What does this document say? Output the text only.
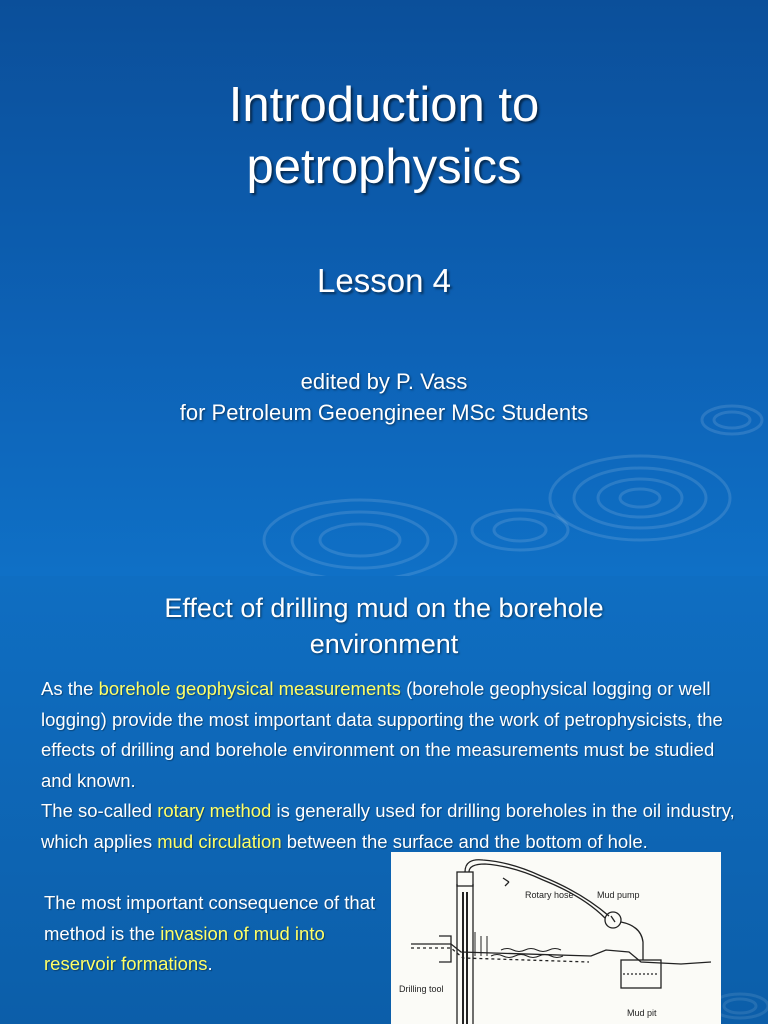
Introduction to
petrophysics
Lesson 4
edited by P. Vass
for Petroleum Geoengineer MSc Students
Effect of drilling mud on the borehole
environment
As the borehole geophysical measurements (borehole geophysical logging or well logging) provide the most important data supporting the work of petrophysicists, the effects of drilling and borehole environment on the measurements must be studied and known.
The so-called rotary method is generally used for drilling boreholes in the oil industry, which applies mud circulation between the surface and the bottom of hole.
The most important consequence of that method is the invasion of mud into reservoir formations.
Rotary hose	Mud pump
Drilling tool
Mud pit
